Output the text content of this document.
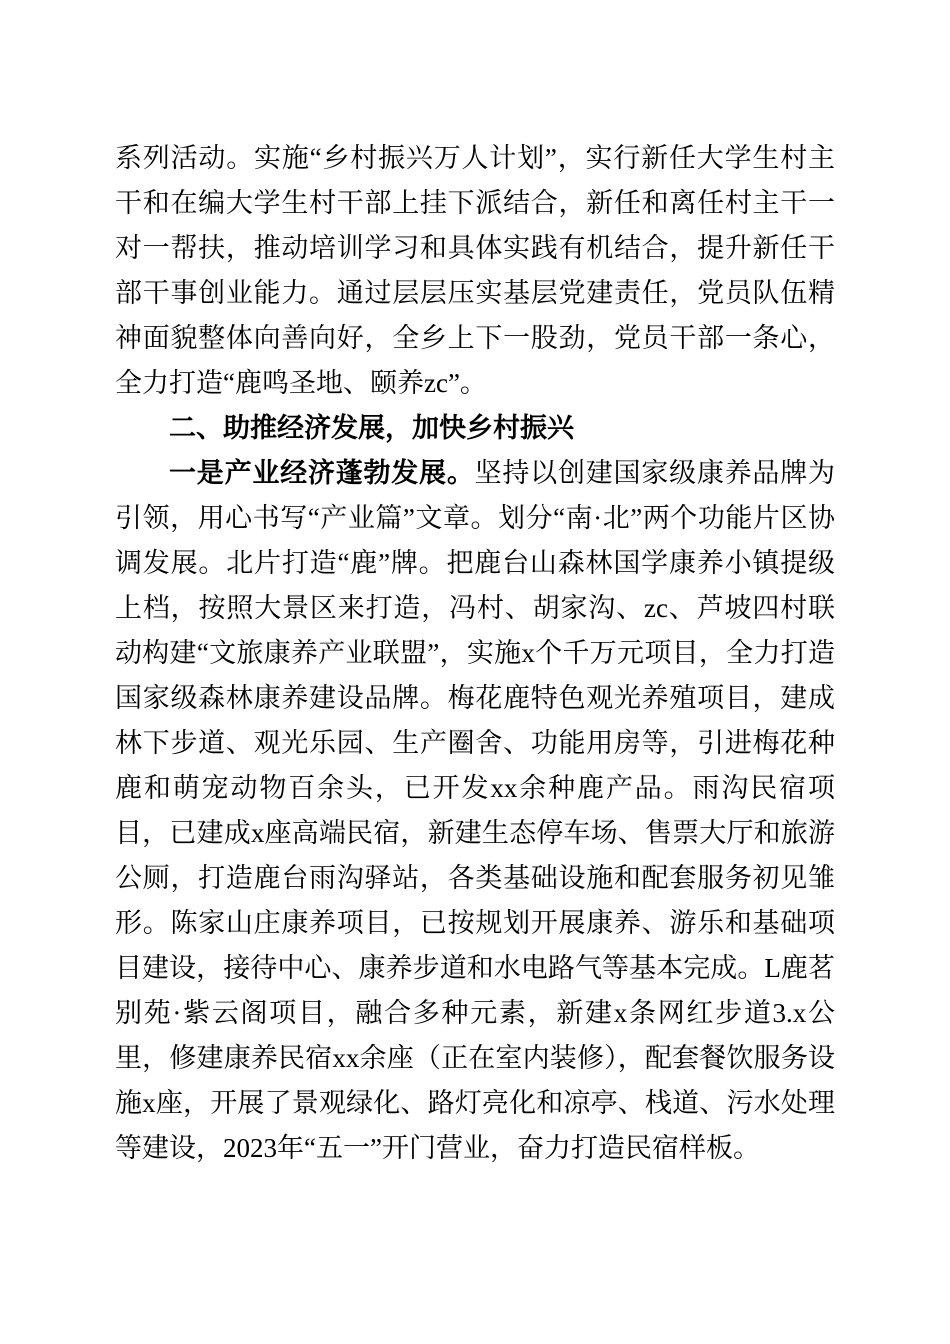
系列活动。实施“乡村振兴万人计划”，实行新任大学生村主干和在编大学生村干部上挂下派结合，新任和离任村主干一对一帮扶，推动培训学习和具体实践有机结合，提升新任干部干事创业能力。通过层层压实基层党建责任，党员队伍精神面貌整体向善向好，全乡上下一股劲，党员干部一条心，全力打造“鹿鸣圣地、颐养zc”。

二、助推经济发展，加快乡村振兴

一是产业经济蓬勃发展。坚持以创建国家级康养品牌为引领，用心书写“产业篇”文章。划分“南·北”两个功能片区协调发展。北片打造“鹿”牌。把鹿台山森林国学康养小镇提级上档，按照大景区来打造，冯村、胡家沟、zc、芦坡四村联动构建“文旅康养产业联盟”，实施x个千万元项目，全力打造国家级森林康养建设品牌。梅花鹿特色观光养殖项目，建成林下步道、观光乐园、生产圈舍、功能用房等，引进梅花种鹿和萌宠动物百余头，已开发xx余种鹿产品。雨沟民宿项目，已建成x座高端民宿，新建生态停车场、售票大厅和旅游公厕，打造鹿台雨沟驿站，各类基础设施和配套服务初见雏形。陈家山庄康养项目，已按规划开展康养、游乐和基础项目建设，接待中心、康养步道和水电路气等基本完成。L鹿茗别苑·紫云阁项目，融合多种元素，新建x条网红步道3.x公里，修建康养民宿xx余座（正在室内装修），配套餐饮服务设施x座，开展了景观绿化、路灯亮化和凉亭、栈道、污水处理等建设，2023年“五一”开门营业，奋力打造民宿样板。
